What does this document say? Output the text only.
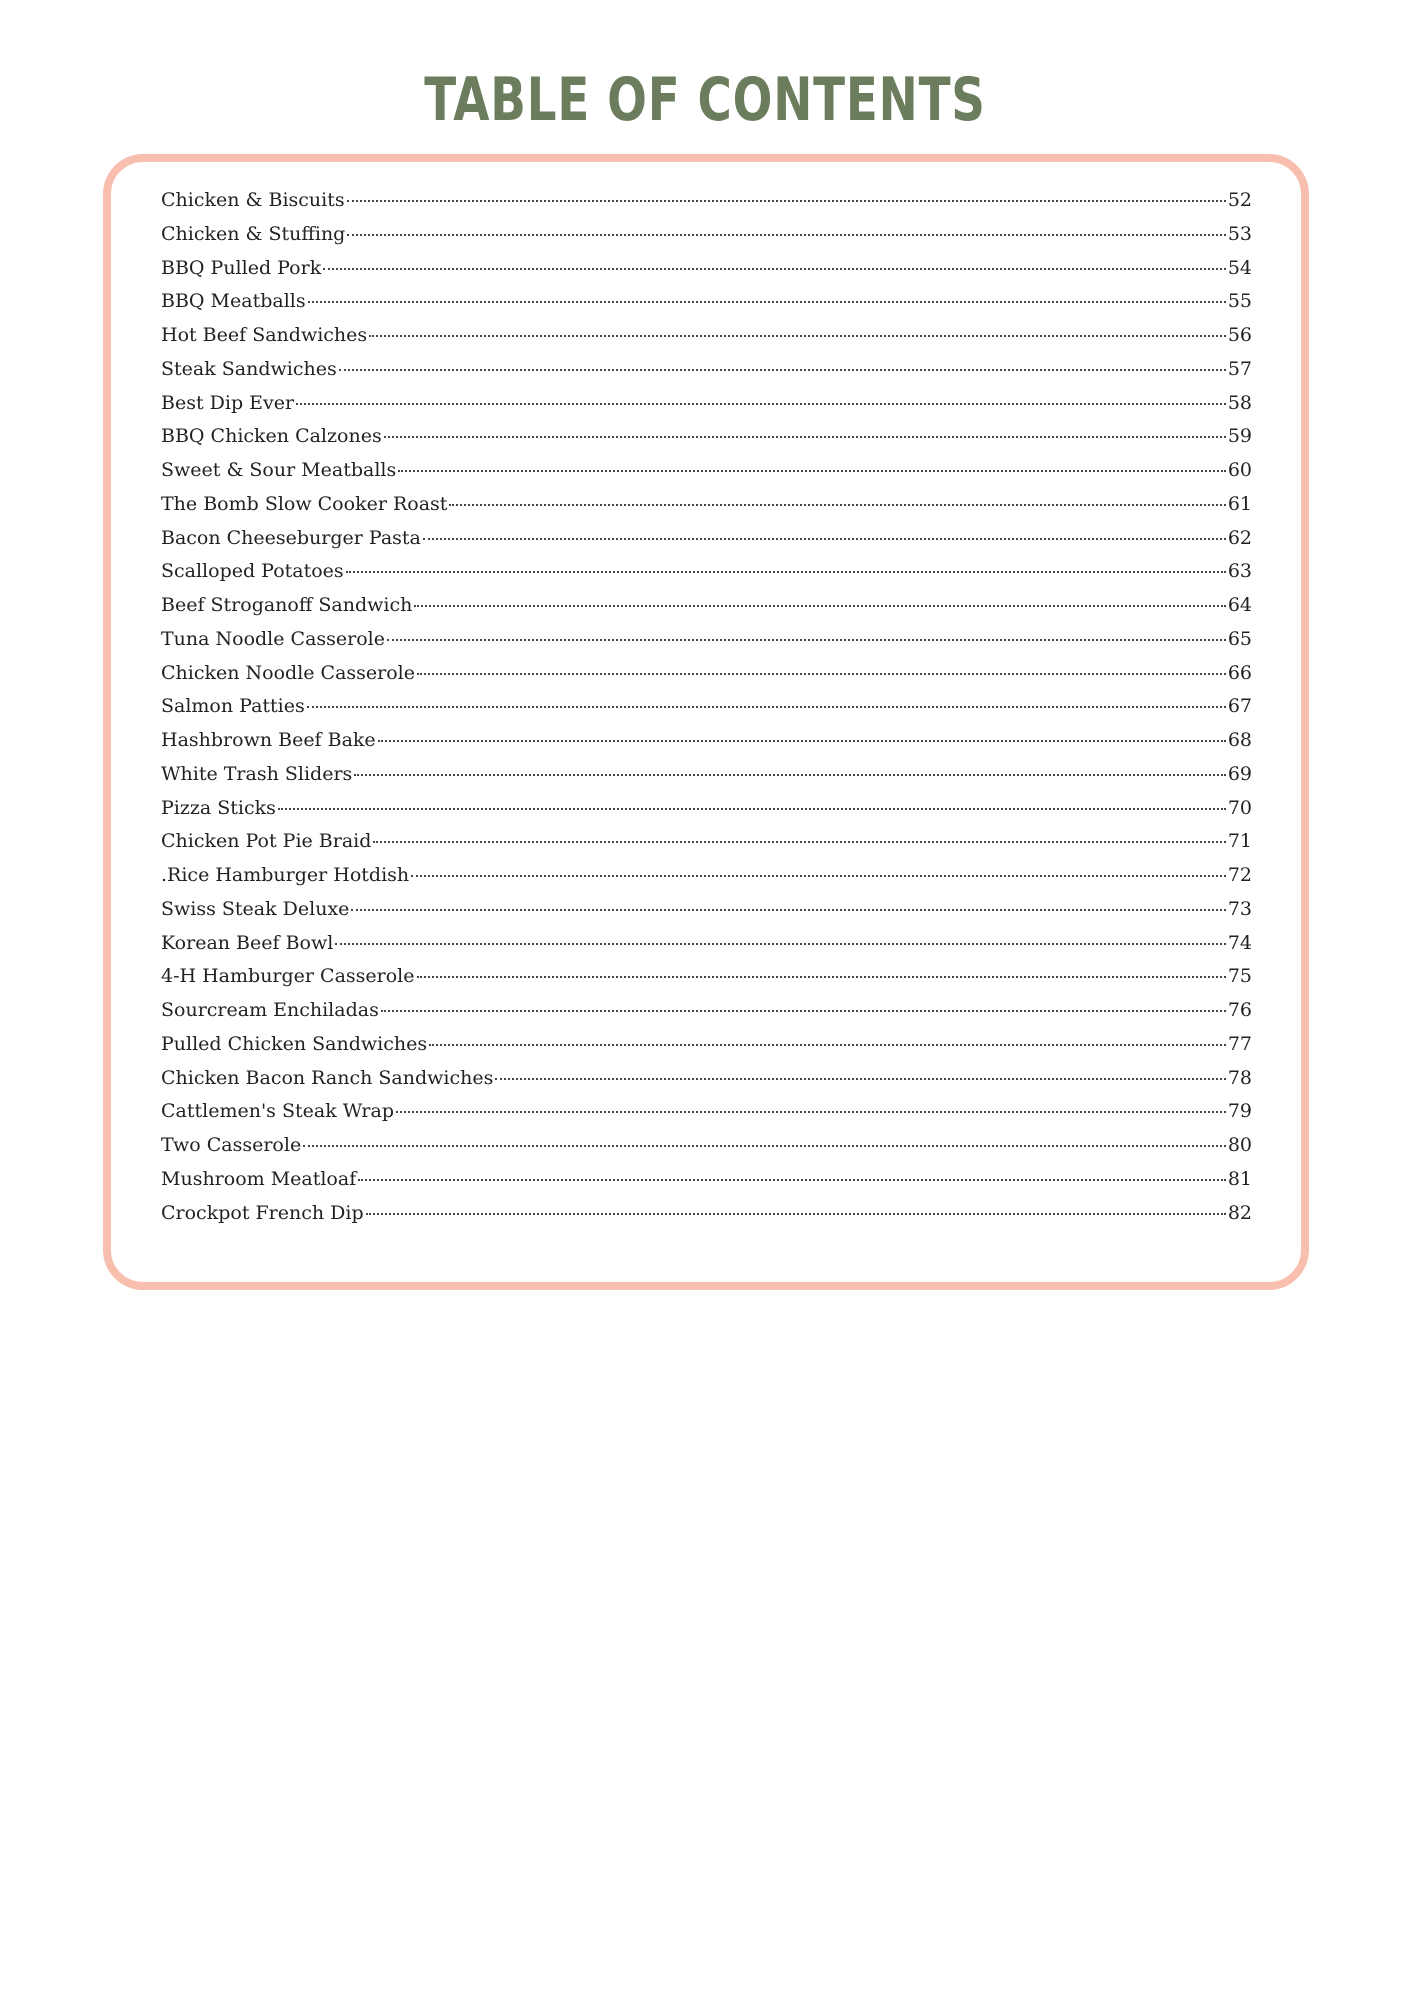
TABLE OF CONTENTS
Chicken & Biscuits	52
Chicken & Stuffing	53
BBQ Pulled Pork	54
BBQ Meatballs	55
Hot Beef Sandwiches	56
Steak Sandwiches	57
Best Dip Ever	58
BBQ Chicken Calzones	59
Sweet & Sour Meatballs	60
The Bomb Slow Cooker Roast	61
Bacon Cheeseburger Pasta	62
Scalloped Potatoes	63
Beef Stroganoff Sandwich	64
Tuna Noodle Casserole	65
Chicken Noodle Casserole	66
Salmon Patties	67
Hashbrown Beef Bake	68
White Trash Sliders	69
Pizza Sticks	70
Chicken Pot Pie Braid	71
.Rice Hamburger Hotdish	72
Swiss Steak Deluxe	73
Korean Beef Bowl	74
4-H Hamburger Casserole	75
Sourcream Enchiladas	76
Pulled Chicken Sandwiches	77
Chicken Bacon Ranch Sandwiches	78
Cattlemen's Steak Wrap	79
Two Casserole	80
Mushroom Meatloaf	81
Crockpot French Dip	82
